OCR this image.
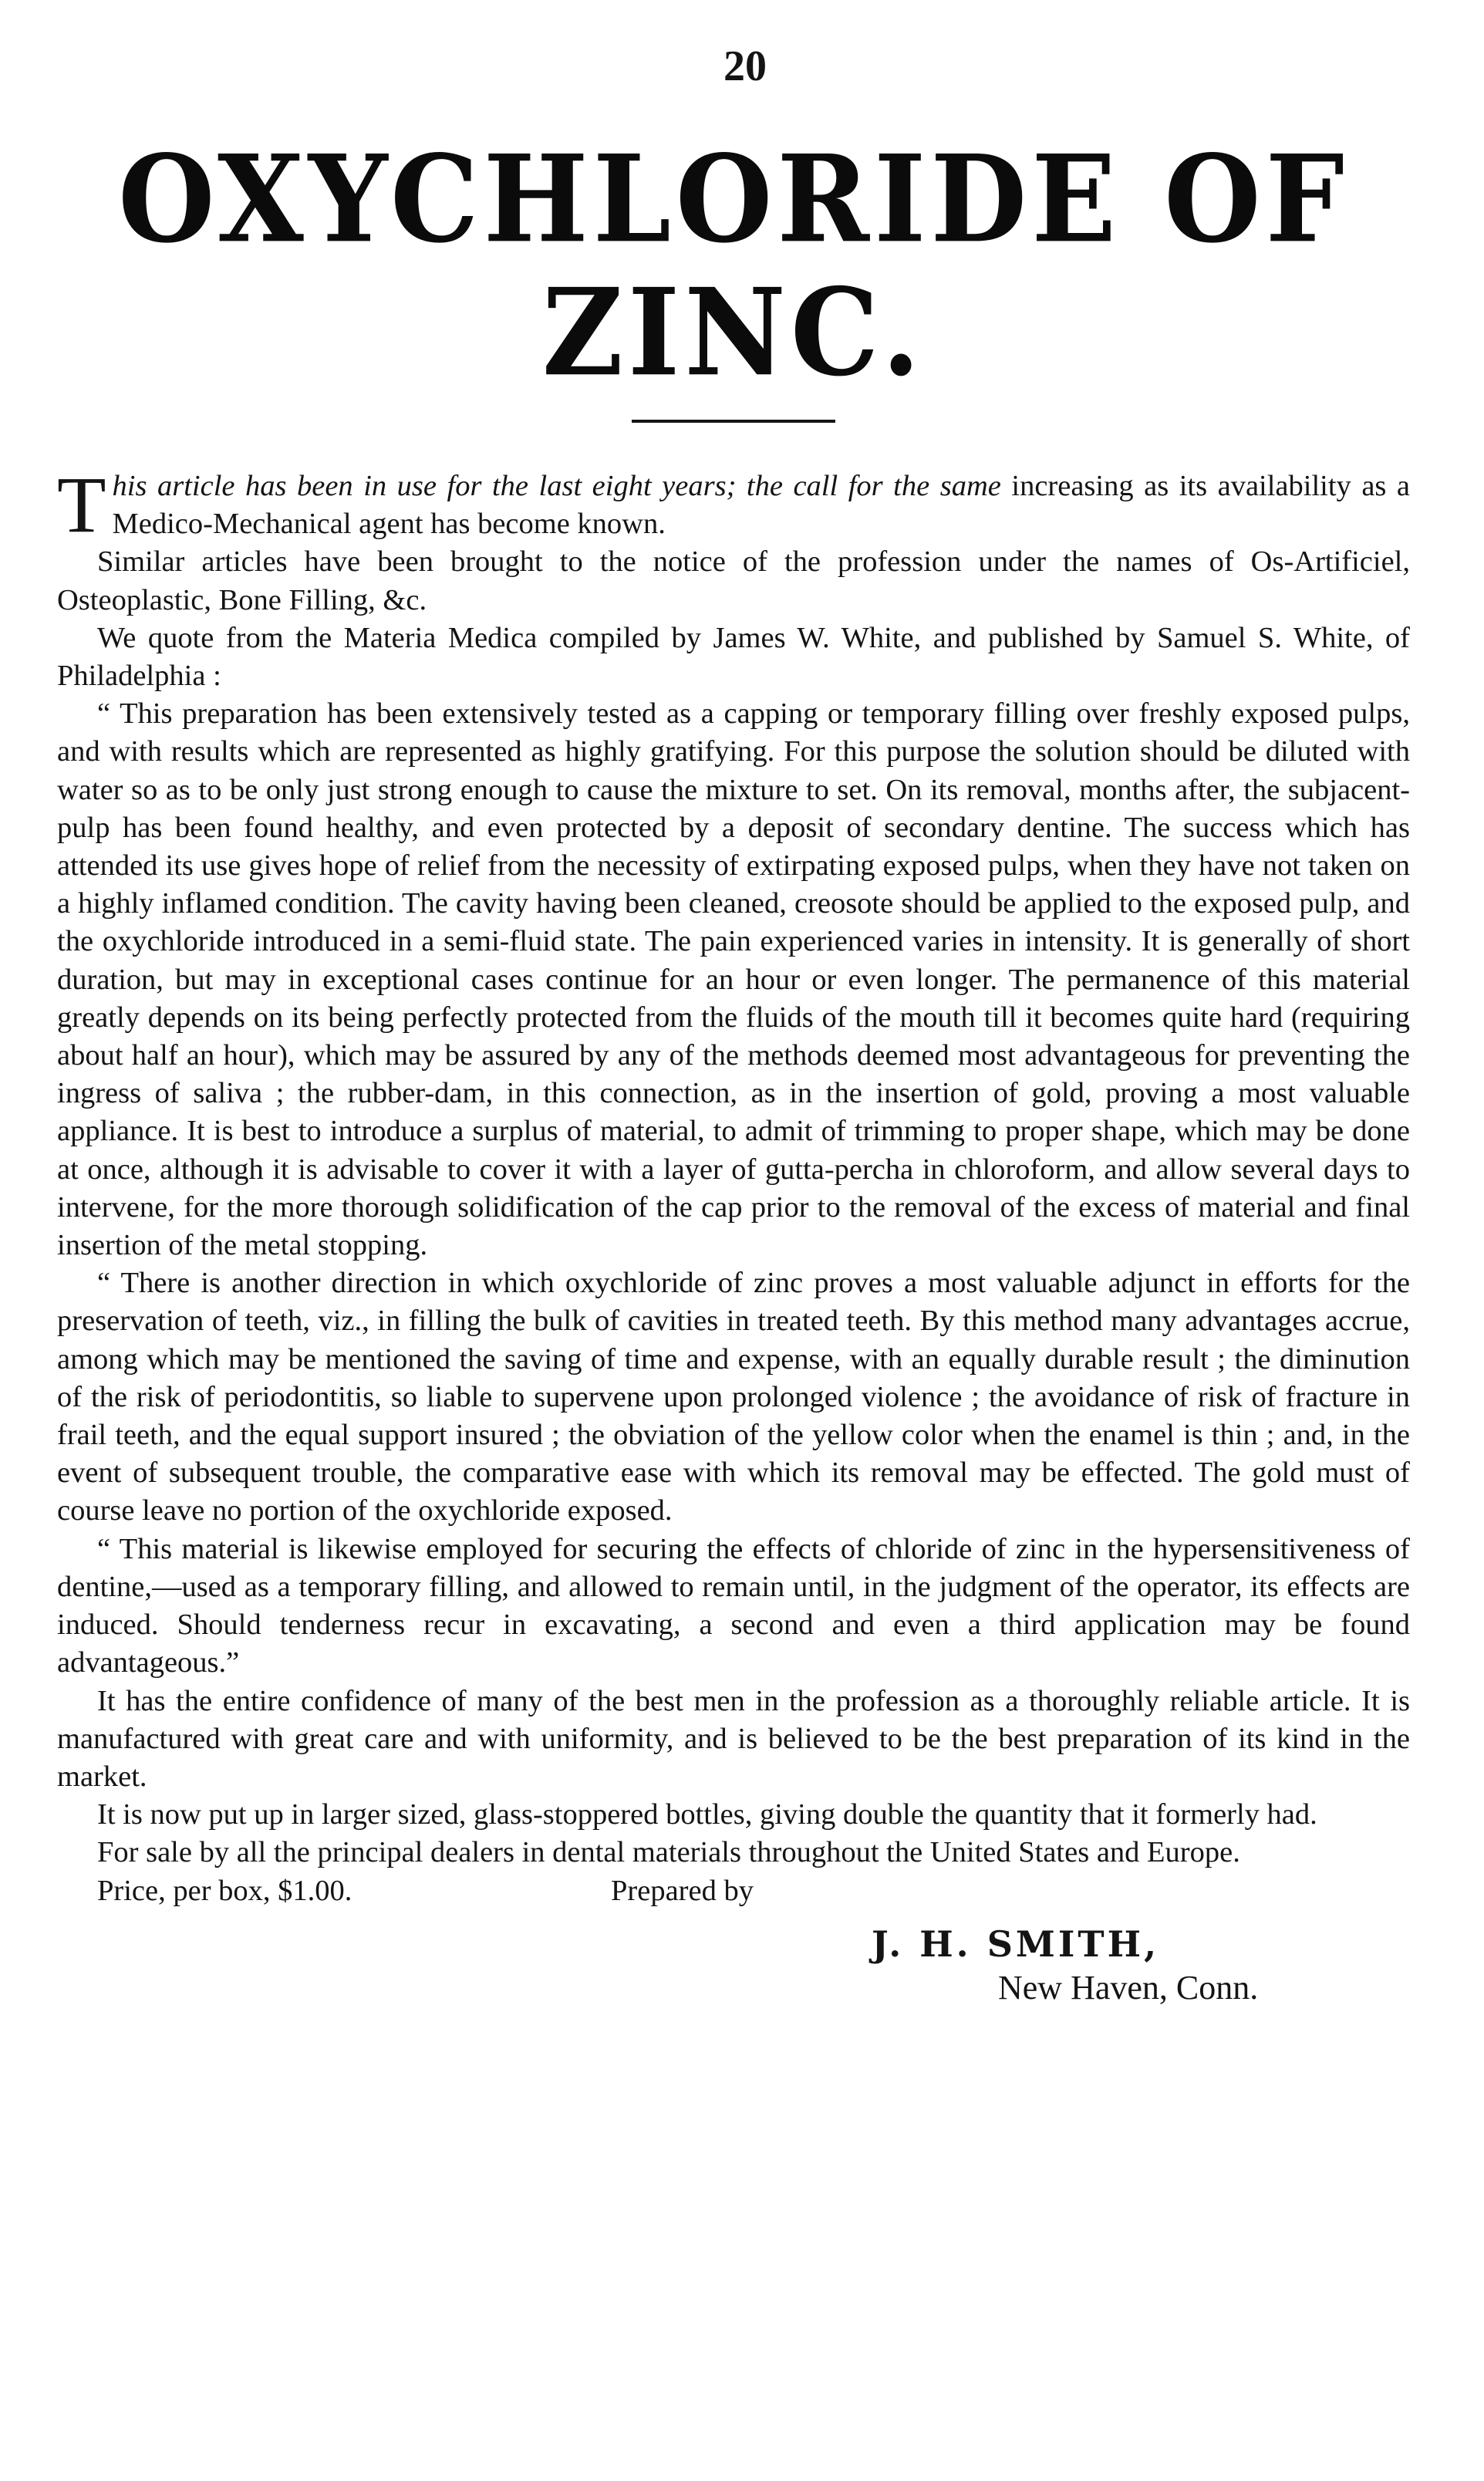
20
OXYCHLORIDE OF ZINC.

This article has been in use for the last eight years; the call for the same increasing as its availability as a Medico-Mechanical agent has become known.

Similar articles have been brought to the notice of the profession under the names of Os-Artificiel, Osteoplastic, Bone Filling, &c.

We quote from the Materia Medica compiled by James W. White, and published by Samuel S. White, of Philadelphia :

“ This preparation has been extensively tested as a capping or temporary filling over freshly exposed pulps, and with results which are represented as highly gratifying. For this purpose the solution should be diluted with water so as to be only just strong enough to cause the mixture to set. On its removal, months after, the subjacent-pulp has been found healthy, and even protected by a deposit of secondary dentine. The success which has attended its use gives hope of relief from the necessity of extirpating exposed pulps, when they have not taken on a highly inflamed condition. The cavity having been cleaned, creosote should be applied to the exposed pulp, and the oxychloride introduced in a semi-fluid state. The pain experienced varies in intensity. It is generally of short duration, but may in exceptional cases continue for an hour or even longer. The permanence of this material greatly depends on its being perfectly protected from the fluids of the mouth till it becomes quite hard (requiring about half an hour), which may be assured by any of the methods deemed most advantageous for preventing the ingress of saliva ; the rubber-dam, in this connection, as in the insertion of gold, proving a most valuable appliance. It is best to introduce a surplus of material, to admit of trimming to proper shape, which may be done at once, although it is advisable to cover it with a layer of gutta-percha in chloroform, and allow several days to intervene, for the more thorough solidification of the cap prior to the removal of the excess of material and final insertion of the metal stopping.

“ There is another direction in which oxychloride of zinc proves a most valuable adjunct in efforts for the preservation of teeth, viz., in filling the bulk of cavities in treated teeth. By this method many advantages accrue, among which may be mentioned the saving of time and expense, with an equally durable result ; the diminution of the risk of periodontitis, so liable to supervene upon prolonged violence ; the avoidance of risk of fracture in frail teeth, and the equal support insured ; the obviation of the yellow color when the enamel is thin ; and, in the event of subsequent trouble, the comparative ease with which its removal may be effected. The gold must of course leave no portion of the oxychloride exposed.

“ This material is likewise employed for securing the effects of chloride of zinc in the hypersensitiveness of dentine,—used as a temporary filling, and allowed to remain until, in the judgment of the operator, its effects are induced. Should tenderness recur in excavating, a second and even a third application may be found advantageous.”

It has the entire confidence of many of the best men in the profession as a thoroughly reliable article. It is manufactured with great care and with uniformity, and is believed to be the best preparation of its kind in the market.

It is now put up in larger sized, glass-stoppered bottles, giving double the quantity that it formerly had.

For sale by all the principal dealers in dental materials throughout the United States and Europe.

Price, per box, $1.00.	Prepared by
J. H. SMITH,
New Haven, Conn.
